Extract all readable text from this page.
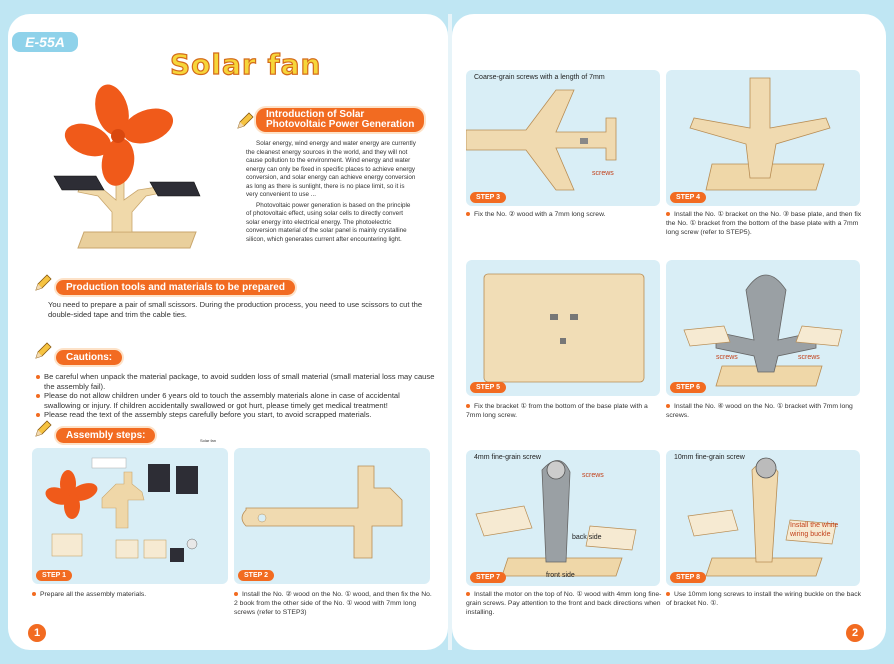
E-55A
Solar fan
Solar fan	Solar fan
Introduction of Solar
Photovoltaic Power Generation

Solar energy, wind energy and water energy are currently the cleanest energy sources in the world, and they will not cause pollution to the environment. Wind energy and water energy can only be fixed in specific places to achieve energy conversion, and solar energy can achieve energy conversion as long as there is sunlight, there is no place limit, so it is very convenient to use ...

Photovoltaic power generation is based on the principle of photovoltaic effect, using solar cells to directly convert solar energy into electrical energy. The photoelectric conversion material of the solar panel is mainly crystalline silicon, which generates current after encountering light.

Production tools and materials to be prepared
You need to prepare a pair of small scissors. During the production process, you need to use scissors to cut the double-sided tape and trim the cable ties.
Cautions:
Be careful when unpack the material package, to avoid sudden loss of small material (small material loss may cause the assembly fail).
Please do not allow children under 6 years old to touch the assembly materials alone in case of accidental swallowing or injury. If children accidentally swallowed or got hurt, please timely get medical treatment!
Please read the text of the assembly steps carefully before you start, to avoid scrapped materials.
Assembly steps:	Solar fan
STEP 1
Prepare all the assembly materials.
STEP 2
Install the No. ② wood on the No. ① wood, and then fix the No. 2 book from the other side of the No. ① wood with 7mm long screws (refer to STEP3)
Coarse-grain screws with a length of 7mm
screws
STEP 3
Fix the No. ② wood with a 7mm long screw.
STEP 4
Install the No. ① bracket on the No. ③ base plate, and then fix the No. ① bracket from the bottom of the base plate with a 7mm long screw (refer to STEP5).
STEP 5
Fix the bracket ① from the bottom of the base plate with a 7mm long screw.
screws	screws
STEP 6
Install the No. ④ wood on the No. ① bracket with 7mm long screws.
4mm fine-grain screw
screws
back side
front side
STEP 7
Install the motor on the top of No. ① wood with 4mm long fine-grain screws. Pay attention to the front and back directions when installing.
10mm fine-grain screw
Install the white
wiring buckle
STEP 8
Use 10mm long screws to install the wiring buckle on the back of bracket No. ①.
1	2
